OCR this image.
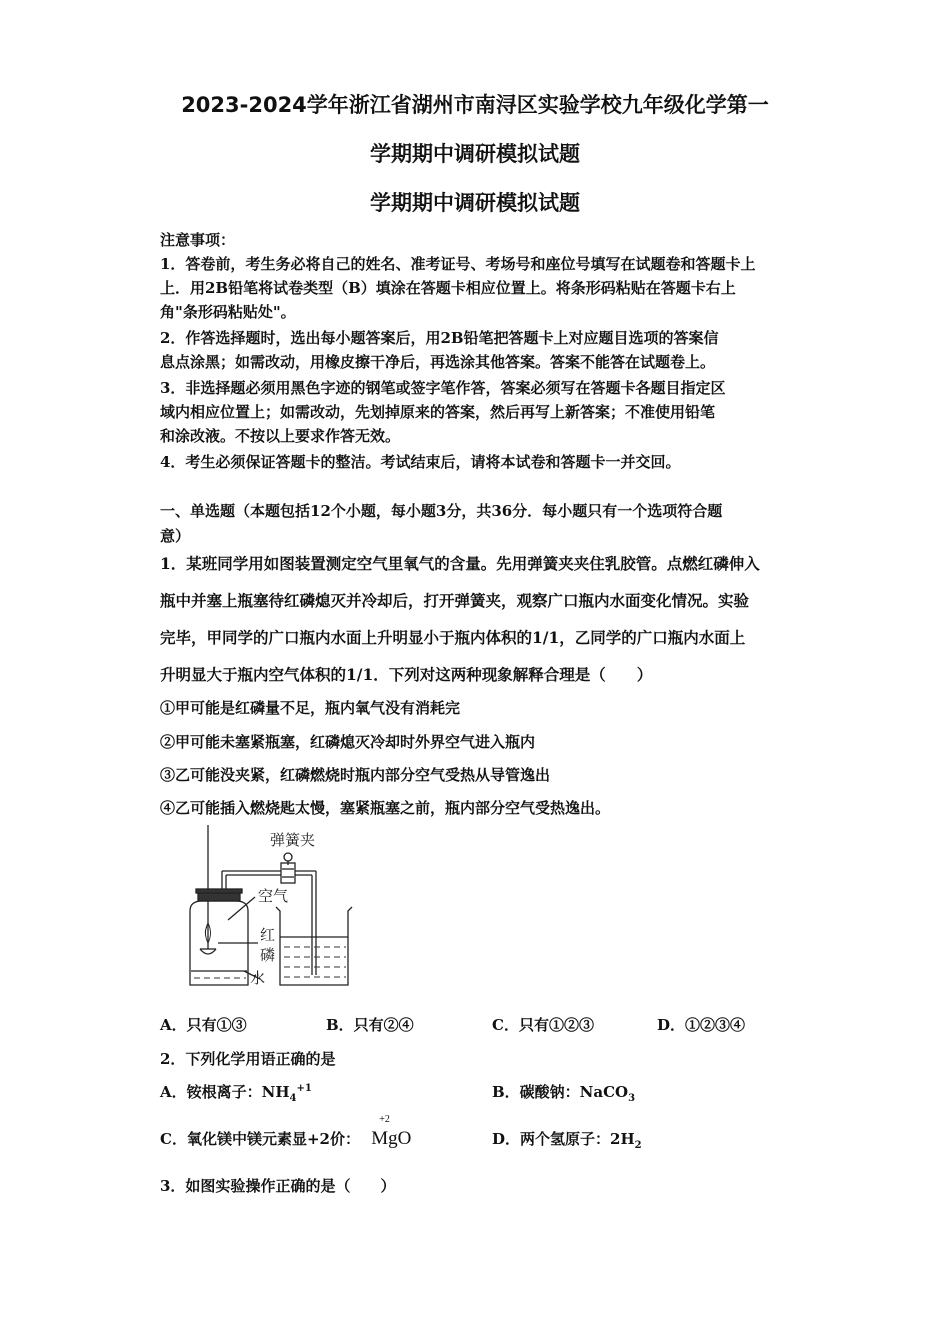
2023-2024学年浙江省湖州市南浔区实验学校九年级化学第一
学期期中调研模拟试题
学期期中调研模拟试题
注意事项：
1．答卷前，考生务必将自己的姓名、准考证号、考场号和座位号填写在试题卷和答题卡上
上．用2B铅笔将试卷类型（B）填涂在答题卡相应位置上。将条形码粘贴在答题卡右上
角"条形码粘贴处"。
2．作答选择题时，选出每小题答案后，用2B铅笔把答题卡上对应题目选项的答案信
息点涂黑；如需改动，用橡皮擦干净后，再选涂其他答案。答案不能答在试题卷上。
3．非选择题必须用黑色字迹的钢笔或签字笔作答，答案必须写在答题卡各题目指定区
域内相应位置上；如需改动，先划掉原来的答案，然后再写上新答案；不准使用铅笔
和涂改液。不按以上要求作答无效。
4．考生必须保证答题卡的整洁。考试结束后，请将本试卷和答题卡一并交回。
一、单选题（本题包括12个小题，每小题3分，共36分．每小题只有一个选项符合题
意）
1．某班同学用如图装置测定空气里氧气的含量。先用弹簧夹夹住乳胶管。点燃红磷伸入
瓶中并塞上瓶塞待红磷熄灭并冷却后，打开弹簧夹，观察广口瓶内水面变化情况。实验
完毕，甲同学的广口瓶内水面上升明显小于瓶内体积的1/1，乙同学的广口瓶内水面上
升明显大于瓶内空气体积的1/1．下列对这两种现象解释合理是（　　）
①甲可能是红磷量不足，瓶内氧气没有消耗完
②甲可能未塞紧瓶塞，红磷熄灭冷却时外界空气进入瓶内
③乙可能没夹紧，红磷燃烧时瓶内部分空气受热从导管逸出
④乙可能插入燃烧匙太慢，塞紧瓶塞之前，瓶内部分空气受热逸出。
弹簧夹
空气
红
磷
水
A．只有①③	B．只有②④	C．只有①②③	D．①②③④
2．下列化学用语正确的是
A．铵根离子：$NH_4^{+1}$	B．碳酸钠：NaCO$_3$
C．氧化镁中镁元素显+2价：
+2
MgO	D．两个氢原子：$2H_2$
3．如图实验操作正确的是（　　）
